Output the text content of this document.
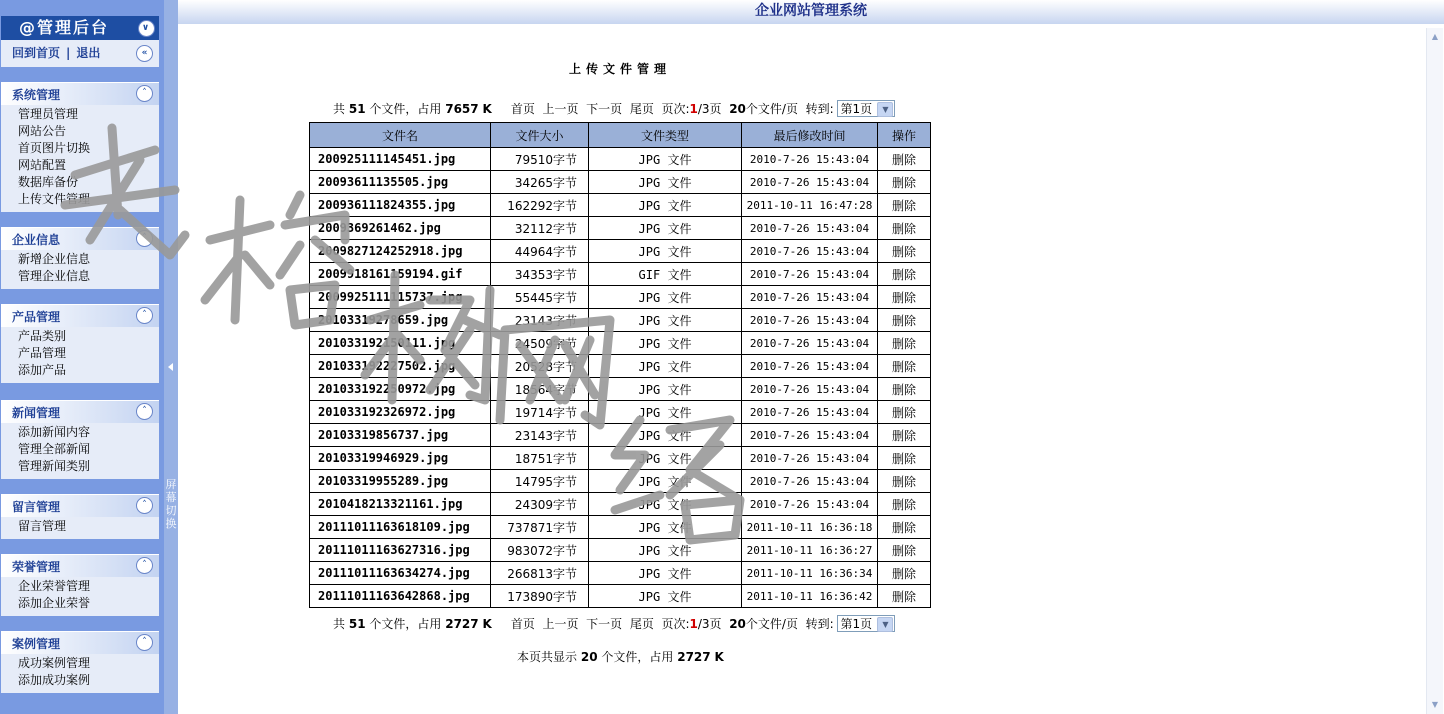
@管理后台	∨
回到首页 | 退出	«
系统管理	˄
管理员管理
网站公告
首页图片切换
网站配置
数据库备份
上传文件管理
企业信息	˄
新增企业信息
管理企业信息
产品管理	˄
产品类别
产品管理
添加产品
新闻管理	˄
添加新闻内容
管理全部新闻
管理新闻类别
留言管理	˄
留言管理
荣誉管理	˄
企业荣誉管理
添加企业荣誉
案例管理	˄
成功案例管理
添加成功案例
屏幕切换
企业网站管理系统
▲
▼
上传文件管理
共 51 个文件，占用 7657 K 首页 上一页 下一页 尾页 页次:1/3页 20个文件/页 转到: 第1页	▼
文件名	文件大小	文件类型	最后修改时间	操作
200925111145451.jpg	79510字节	JPG 文件	2010-7-26 15:43:04	删除
20093611135505.jpg	34265字节	JPG 文件	2010-7-26 15:43:04	删除
200936111824355.jpg	162292字节	JPG 文件	2011-10-11 16:47:28	删除
2009369261462.jpg	32112字节	JPG 文件	2010-7-26 15:43:04	删除
2009827124252918.jpg	44964字节	JPG 文件	2010-7-26 15:43:04	删除
2009918161159194.gif	34353字节	GIF 文件	2010-7-26 15:43:04	删除
2009925111115737.jpg	55445字节	JPG 文件	2010-7-26 15:43:04	删除
20103319278659.jpg	23143字节	JPG 文件	2010-7-26 15:43:04	删除
201033192150111.jpg	24509字节	JPG 文件	2010-7-26 15:43:04	删除
201033192227502.jpg	20528字节	JPG 文件	2010-7-26 15:43:04	删除
201033192250972.jpg	18564字节	JPG 文件	2010-7-26 15:43:04	删除
201033192326972.jpg	19714字节	JPG 文件	2010-7-26 15:43:04	删除
20103319856737.jpg	23143字节	JPG 文件	2010-7-26 15:43:04	删除
20103319946929.jpg	18751字节	JPG 文件	2010-7-26 15:43:04	删除
20103319955289.jpg	14795字节	JPG 文件	2010-7-26 15:43:04	删除
2010418213321161.jpg	24309字节	JPG 文件	2010-7-26 15:43:04	删除
20111011163618109.jpg	737871字节	JPG 文件	2011-10-11 16:36:18	删除
20111011163627316.jpg	983072字节	JPG 文件	2011-10-11 16:36:27	删除
20111011163634274.jpg	266813字节	JPG 文件	2011-10-11 16:36:34	删除
20111011163642868.jpg	173890字节	JPG 文件	2011-10-11 16:36:42	删除
共 51 个文件，占用 2727 K 首页 上一页 下一页 尾页 页次:1/3页 20个文件/页 转到: 第1页	▼
本页共显示 20 个文件，占用 2727 K
